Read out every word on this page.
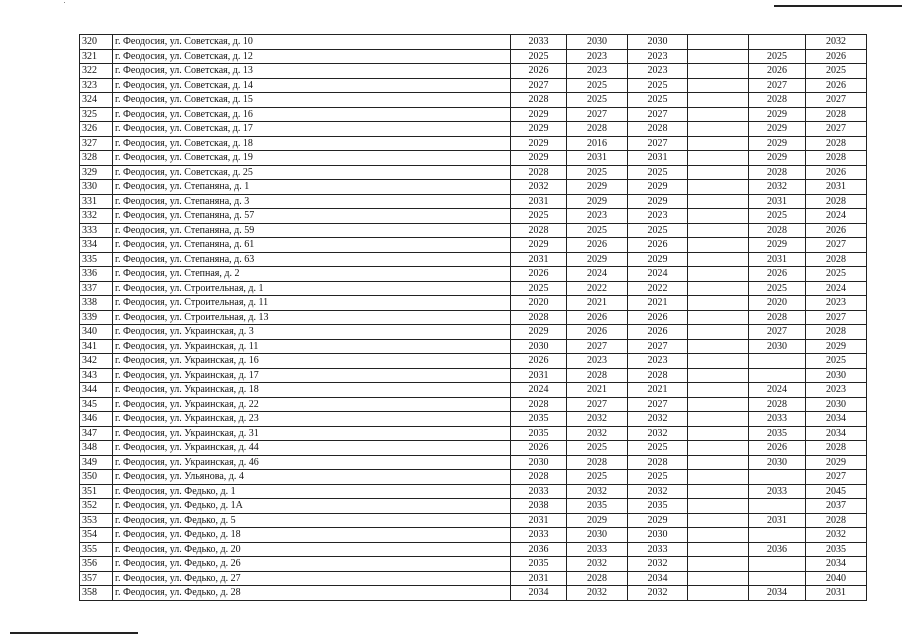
320	г. Феодосия, ул. Советская, д. 10	2033	2030	2030			2032
321	г. Феодосия, ул. Советская, д. 12	2025	2023	2023		2025	2026
322	г. Феодосия, ул. Советская, д. 13	2026	2023	2023		2026	2025
323	г. Феодосия, ул. Советская, д. 14	2027	2025	2025		2027	2026
324	г. Феодосия, ул. Советская, д. 15	2028	2025	2025		2028	2027
325	г. Феодосия, ул. Советская, д. 16	2029	2027	2027		2029	2028
326	г. Феодосия, ул. Советская, д. 17	2029	2028	2028		2029	2027
327	г. Феодосия, ул. Советская, д. 18	2029	2016	2027		2029	2028
328	г. Феодосия, ул. Советская, д. 19	2029	2031	2031		2029	2028
329	г. Феодосия, ул. Советская, д. 25	2028	2025	2025		2028	2026
330	г. Феодосия, ул. Степаняна, д. 1	2032	2029	2029		2032	2031
331	г. Феодосия, ул. Степаняна, д. 3	2031	2029	2029		2031	2028
332	г. Феодосия, ул. Степаняна, д. 57	2025	2023	2023		2025	2024
333	г. Феодосия, ул. Степаняна, д. 59	2028	2025	2025		2028	2026
334	г. Феодосия, ул. Степаняна, д. 61	2029	2026	2026		2029	2027
335	г. Феодосия, ул. Степаняна, д. 63	2031	2029	2029		2031	2028
336	г. Феодосия, ул. Степная, д. 2	2026	2024	2024		2026	2025
337	г. Феодосия, ул. Строительная, д. 1	2025	2022	2022		2025	2024
338	г. Феодосия, ул. Строительная, д. 11	2020	2021	2021		2020	2023
339	г. Феодосия, ул. Строительная, д. 13	2028	2026	2026		2028	2027
340	г. Феодосия, ул. Украинская, д. 3	2029	2026	2026		2027	2028
341	г. Феодосия, ул. Украинская, д. 11	2030	2027	2027		2030	2029
342	г. Феодосия, ул. Украинская, д. 16	2026	2023	2023			2025
343	г. Феодосия, ул. Украинская, д. 17	2031	2028	2028			2030
344	г. Феодосия, ул. Украинская, д. 18	2024	2021	2021		2024	2023
345	г. Феодосия, ул. Украинская, д. 22	2028	2027	2027		2028	2030
346	г. Феодосия, ул. Украинская, д. 23	2035	2032	2032		2033	2034
347	г. Феодосия, ул. Украинская, д. 31	2035	2032	2032		2035	2034
348	г. Феодосия, ул. Украинская, д. 44	2026	2025	2025		2026	2028
349	г. Феодосия, ул. Украинская, д. 46	2030	2028	2028		2030	2029
350	г. Феодосия, ул. Ульянова, д. 4	2028	2025	2025			2027
351	г. Феодосия, ул. Федько, д. 1	2033	2032	2032		2033	2045
352	г. Феодосия, ул. Федько, д. 1А	2038	2035	2035			2037
353	г. Феодосия, ул. Федько, д. 5	2031	2029	2029		2031	2028
354	г. Феодосия, ул. Федько, д. 18	2033	2030	2030			2032
355	г. Феодосия, ул. Федько, д. 20	2036	2033	2033		2036	2035
356	г. Феодосия, ул. Федько, д. 26	2035	2032	2032			2034
357	г. Феодосия, ул. Федько, д. 27	2031	2028	2034			2040
358	г. Феодосия, ул. Федько, д. 28	2034	2032	2032		2034	2031
